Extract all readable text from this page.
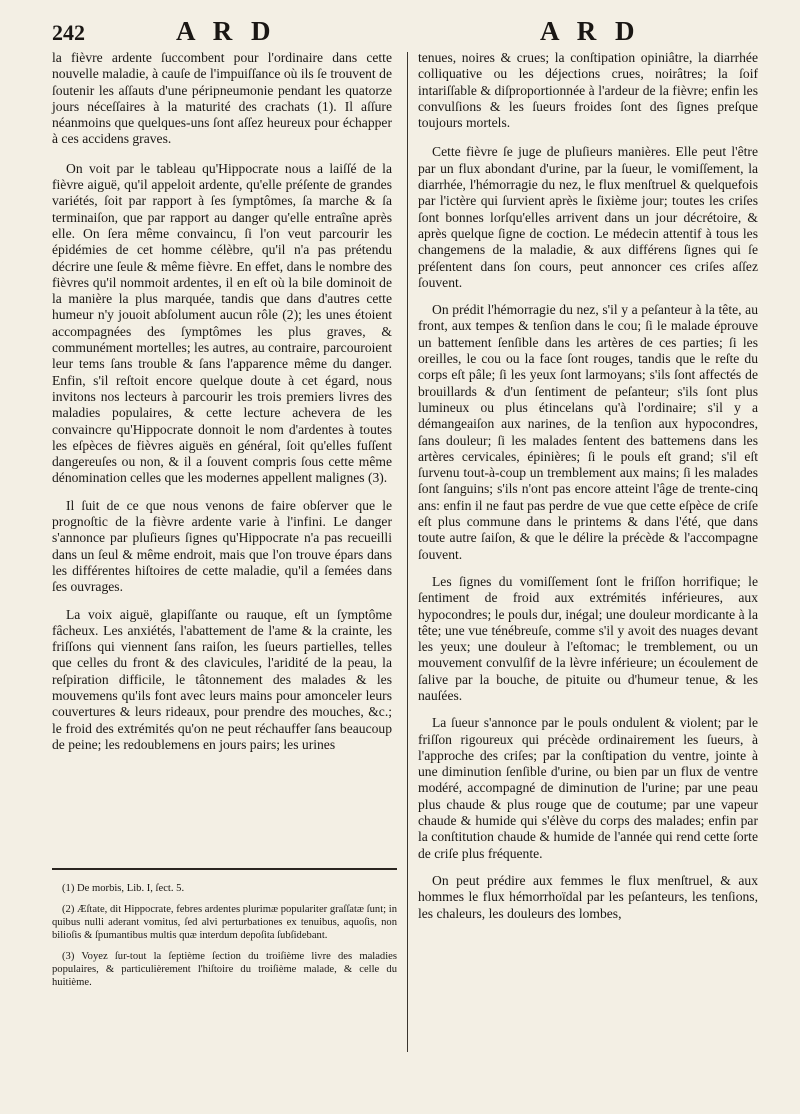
242	A R D	A R D

la fièvre ardente ſuccombent pour l'ordinaire dans cette nouvelle maladie, à cauſe de l'impuiſſance où ils ſe trouvent de ſoutenir les aſſauts d'une péripneumonie pendant les quatorze jours néceſſaires à la maturité des crachats (1). Il aſſure néanmoins que quelques-uns ſont aſſez heureux pour échapper à ces accidens graves.

On voit par le tableau qu'Hippocrate nous a laiſſé de la fièvre aiguë, qu'il appeloit ardente, qu'elle préſente de grandes variétés, ſoit par rapport à ſes ſymptômes, ſa marche & ſa terminaiſon, que par rapport au danger qu'elle entraîne après elle. On ſera même convaincu, ſi l'on veut parcourir les épidémies de cet homme célèbre, qu'il n'a pas prétendu décrire une ſeule & même fièvre. En effet, dans le nombre des fièvres qu'il nommoit ardentes, il en eſt où la bile dominoit de la manière la plus marquée, tandis que dans d'autres cette humeur n'y jouoit abſolument aucun rôle (2); les unes étoient accompagnées des ſymptômes les plus graves, & communément mortelles; les autres, au contraire, parcouroient leur tems ſans trouble & ſans l'apparence même du danger. Enfin, s'il reſtoit encore quelque doute à cet égard, nous invitons nos lecteurs à parcourir les trois premiers livres des maladies populaires, & cette lecture achevera de les convaincre qu'Hippocrate donnoit le nom d'ardentes à toutes les eſpèces de fièvres aiguës en général, ſoit qu'elles fuſſent dangereuſes ou non, & il a ſouvent compris ſous cette même dénomination celles que les modernes appellent malignes (3).

Il ſuit de ce que nous venons de faire obſerver que le prognoſtic de la fièvre ardente varie à l'infini. Le danger s'annonce par pluſieurs ſignes qu'Hippocrate n'a pas recueilli dans un ſeul & même endroit, mais que l'on trouve épars dans les différentes hiſtoires de cette maladie, qu'il a ſemées dans ſes ouvrages.

La voix aiguë, glapiſſante ou rauque, eſt un ſymptôme fâcheux. Les anxiétés, l'abattement de l'ame & la crainte, les friſſons qui viennent ſans raiſon, les ſueurs partielles, telles que celles du front & des clavicules, l'aridité de la peau, la reſpiration difficile, le tâtonnement des malades & les mouvemens qu'ils font avec leurs mains pour amonceler leurs couvertures & leurs rideaux, pour prendre des mouches, &c.; le froid des extrémités qu'on ne peut réchauffer ſans beaucoup de peine; les redoublemens en jours pairs; les urines

tenues, noires & crues; la conſtipation opiniâtre, la diarrhée colliquative ou les déjections crues, noirâtres; la ſoif intariſſable & diſproportionnée à l'ardeur de la fièvre; enfin les convulſions & les ſueurs froides ſont des ſignes preſque toujours mortels.

Cette fièvre ſe juge de pluſieurs manières. Elle peut l'être par un flux abondant d'urine, par la ſueur, le vomiſſement, la diarrhée, l'hémorragie du nez, le flux menſtruel & quelquefois par l'ictère qui ſurvient après le ſixième jour; toutes les criſes ſont bonnes lorſqu'elles arrivent dans un jour décrétoire, & après quelque ſigne de coction. Le médecin attentif à tous les changemens de la maladie, & aux différens ſignes qui ſe préſentent dans ſon cours, peut annoncer ces criſes aſſez ſouvent.

On prédit l'hémorragie du nez, s'il y a peſanteur à la tête, au front, aux tempes & tenſion dans le cou; ſi le malade éprouve un battement ſenſible dans les artères de ces parties; ſi les oreilles, le cou ou la face ſont rouges, tandis que le reſte du corps eſt pâle; ſi les yeux ſont larmoyans; s'ils ſont affectés de brouillards & d'un ſentiment de peſanteur; s'ils ſont plus lumineux ou plus étincelans qu'à l'ordinaire; s'il y a démangeaiſon aux narines, de la tenſion aux hypocondres, ſans douleur; ſi les malades ſentent des battemens dans les artères cervicales, épinières; ſi le pouls eſt grand; s'il eſt ſurvenu tout-à-coup un tremblement aux mains; ſi les malades ſont ſanguins; s'ils n'ont pas encore atteint l'âge de trente-cinq ans: enfin il ne faut pas perdre de vue que cette eſpèce de criſe eſt plus commune dans le printems & dans l'été, que dans toute autre ſaiſon, & que le délire la précède & l'accompagne ſouvent.

Les ſignes du vomiſſement ſont le friſſon horrifique; le ſentiment de froid aux extrémités inférieures, aux hypocondres; le pouls dur, inégal; une douleur mordicante à la tête; une vue ténébreuſe, comme s'il y avoit des nuages devant les yeux; une douleur à l'eſtomac; le tremblement, ou un mouvement convulſif de la lèvre inférieure; un écoulement de ſalive par la bouche, de pituite ou d'humeur tenue, & les nauſées.

La ſueur s'annonce par le pouls ondulent & violent; par le friſſon rigoureux qui précède ordinairement les ſueurs, à l'approche des criſes; par la conſtipation du ventre, jointe à une diminution ſenſible d'urine, ou bien par un flux de ventre modéré, accompagné de diminution de l'urine; par une peau plus chaude & plus rouge que de coutume; par une vapeur chaude & humide qui s'élève du corps des malades; enfin par la conſtitution chaude & humide de l'année qui rend cette ſorte de criſe plus fréquente.

On peut prédire aux femmes le flux menſtruel, & aux hommes le flux hémorrhoïdal par les peſanteurs, les tenſions, les chaleurs, les douleurs des lombes,

(1) De morbis, Lib. I, ſect. 5.

(2) Æſtate, dit Hippocrate, febres ardentes plurimæ populariter graſſatæ ſunt; in quibus nulli aderant vomitus, ſed alvi perturbationes ex tenuibus, aquoſis, non bilioſis & ſpumantibus multis quæ interdum depoſita ſubſidebant.

(3) Voyez ſur-tout la ſeptième ſection du troiſième livre des maladies populaires, & particulièrement l'hiſtoire du troiſième malade, & celle du huitième.
